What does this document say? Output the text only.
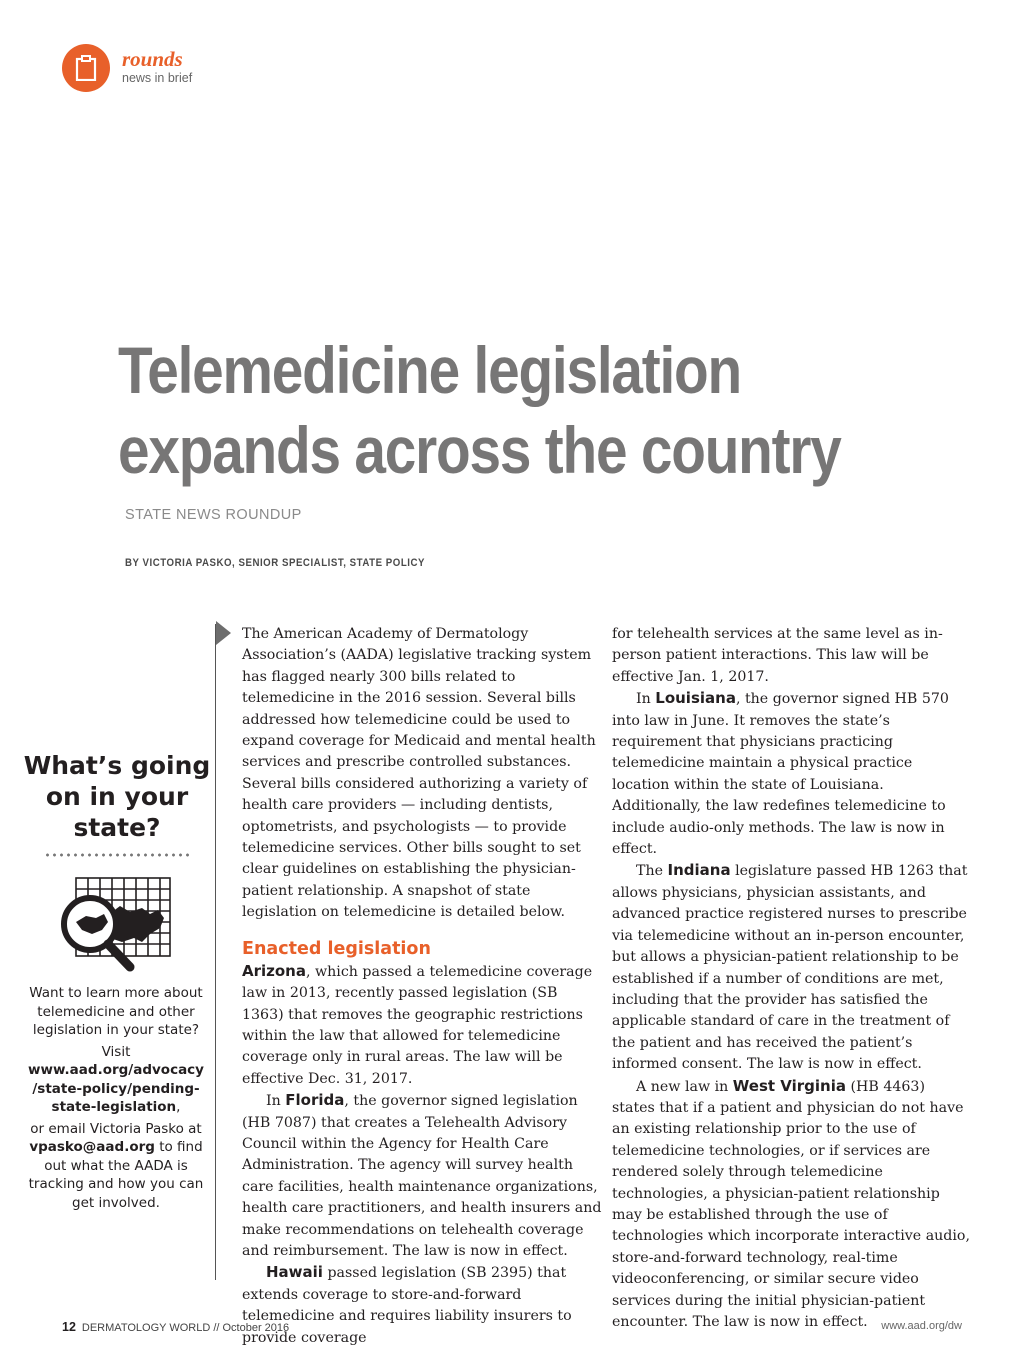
rounds
news in brief
Telemedicine legislation
expands across the country
STATE NEWS ROUNDUP
BY VICTORIA PASKO, SENIOR SPECIALIST, STATE POLICY
What’s going on in your state?

Want to learn more about telemedicine and other legislation in your state?

Visit www.aad.org/advocacy/state-policy/pending-state-legislation,

or email Victoria Pasko at vpasko@aad.org to find out what the AADA is tracking and how you can get involved.

The American Academy of Dermatology Association’s (AADA) legislative tracking system has flagged nearly 300 bills related to telemedicine in the 2016 session. Several bills addressed how telemedicine could be used to expand coverage for Medicaid and mental health services and prescribe controlled substances. Several bills considered authorizing a variety of health care providers — including dentists, optometrists, and psychologists — to provide telemedicine services. Other bills sought to set clear guidelines on establishing the physician-patient relationship. A snapshot of state legislation on telemedicine is detailed below.

Enacted legislation

Arizona, which passed a telemedicine coverage law in 2013, recently passed legislation (SB 1363) that removes the geographic restrictions within the law that allowed for telemedicine coverage only in rural areas. The law will be effective Dec. 31, 2017.

In Florida, the governor signed legislation (HB 7087) that creates a Telehealth Advisory Council within the Agency for Health Care Administration. The agency will survey health care facilities, health maintenance organizations, health care practitioners, and health insurers and make recommendations on telehealth coverage and reimbursement. The law is now in effect.

Hawaii passed legislation (SB 2395) that extends coverage to store-and-forward telemedicine and requires liability insurers to provide coverage

for telehealth services at the same level as in-person patient interactions. This law will be effective Jan. 1, 2017.

In Louisiana, the governor signed HB 570 into law in June. It removes the state’s requirement that physicians practicing telemedicine maintain a physical practice location within the state of Louisiana. Additionally, the law redefines telemedicine to include audio-only methods. The law is now in effect.

The Indiana legislature passed HB 1263 that allows physicians, physician assistants, and advanced practice registered nurses to prescribe via telemedicine without an in-person encounter, but allows a physician-patient relationship to be established if a number of conditions are met, including that the provider has satisfied the applicable standard of care in the treatment of the patient and has received the patient’s informed consent. The law is now in effect.

A new law in West Virginia (HB 4463) states that if a patient and physician do not have an existing relationship prior to the use of telemedicine technologies, or if services are rendered solely through telemedicine technologies, a physician-patient relationship may be established through the use of technologies which incorporate interactive audio, store-and-forward technology, real-time videoconferencing, or similar secure video services during the initial physician-patient encounter. The law is now in effect.

12 DERMATOLOGY WORLD // October 2016	www.aad.org/dw
